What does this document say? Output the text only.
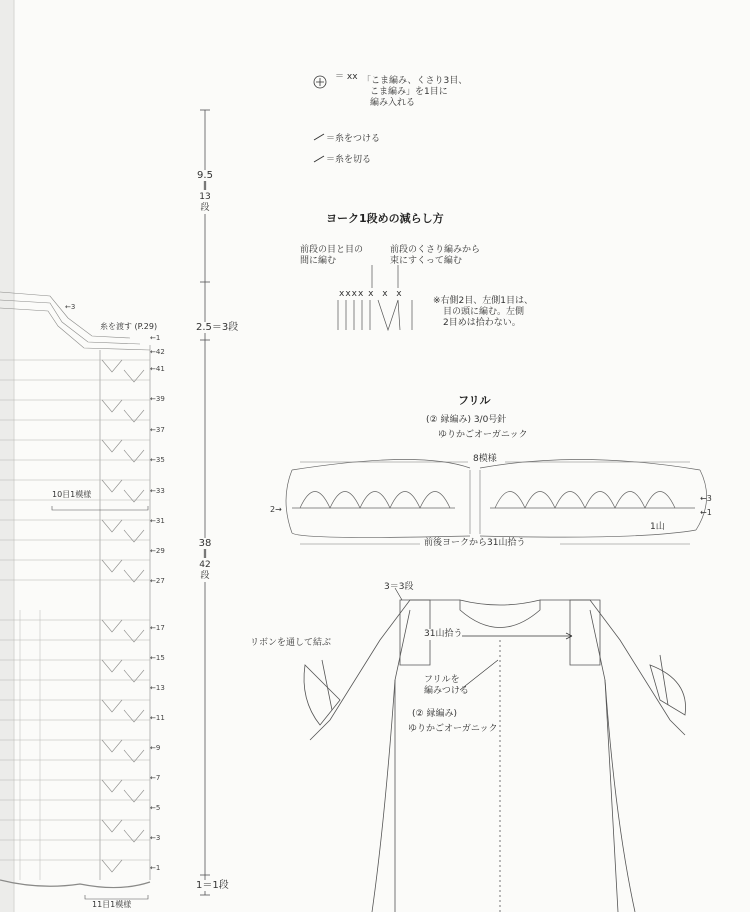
＝ ⅹⅹ 「こま編み、くさり3目、
こま編み」を1目に
編み入れる
＝糸をつける
＝糸を切る
9.5
‖
13
段
2.5＝3段
38
‖
42
段
1＝1段
糸を渡す (P.29)
10目1模様
11目1模様
←3
←1
←42
←41
←39
←37
←35
←33
←31
←29
←27
←17
←15
←13
←11
←9
←7
←5
←3
←1
ヨーク1段めの減らし方
前段の目と目の
間に編む
前段のくさり編みから
束にすくって編む
xxxx x  x  x
※右側2目、左側1目は、
目の頭に編む。左側
2目めは拾わない。
フリル
(② 縁編み) 3/0号針
ゆりかごオーガニック
8模様
1山
←3
←1
2→
前後ヨークから31山拾う
3＝3段
31山拾う
リボンを通して結ぶ
フリルを
編みつける
(② 縁編み)
ゆりかごオーガニック
